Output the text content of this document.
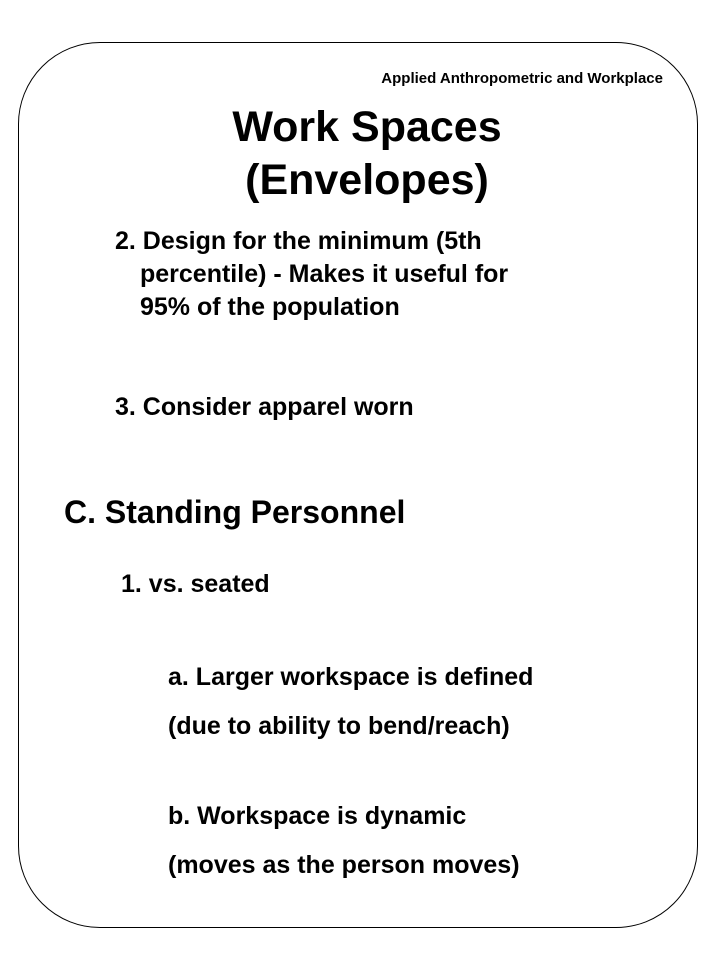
Applied Anthropometric and Workplace
Work Spaces
(Envelopes)
2. Design for the minimum (5th
percentile) - Makes it useful for
95% of the population
3. Consider apparel worn
C. Standing Personnel
1. vs. seated
a. Larger workspace is defined
(due to ability to bend/reach)
b. Workspace is dynamic
(moves as the person moves)
